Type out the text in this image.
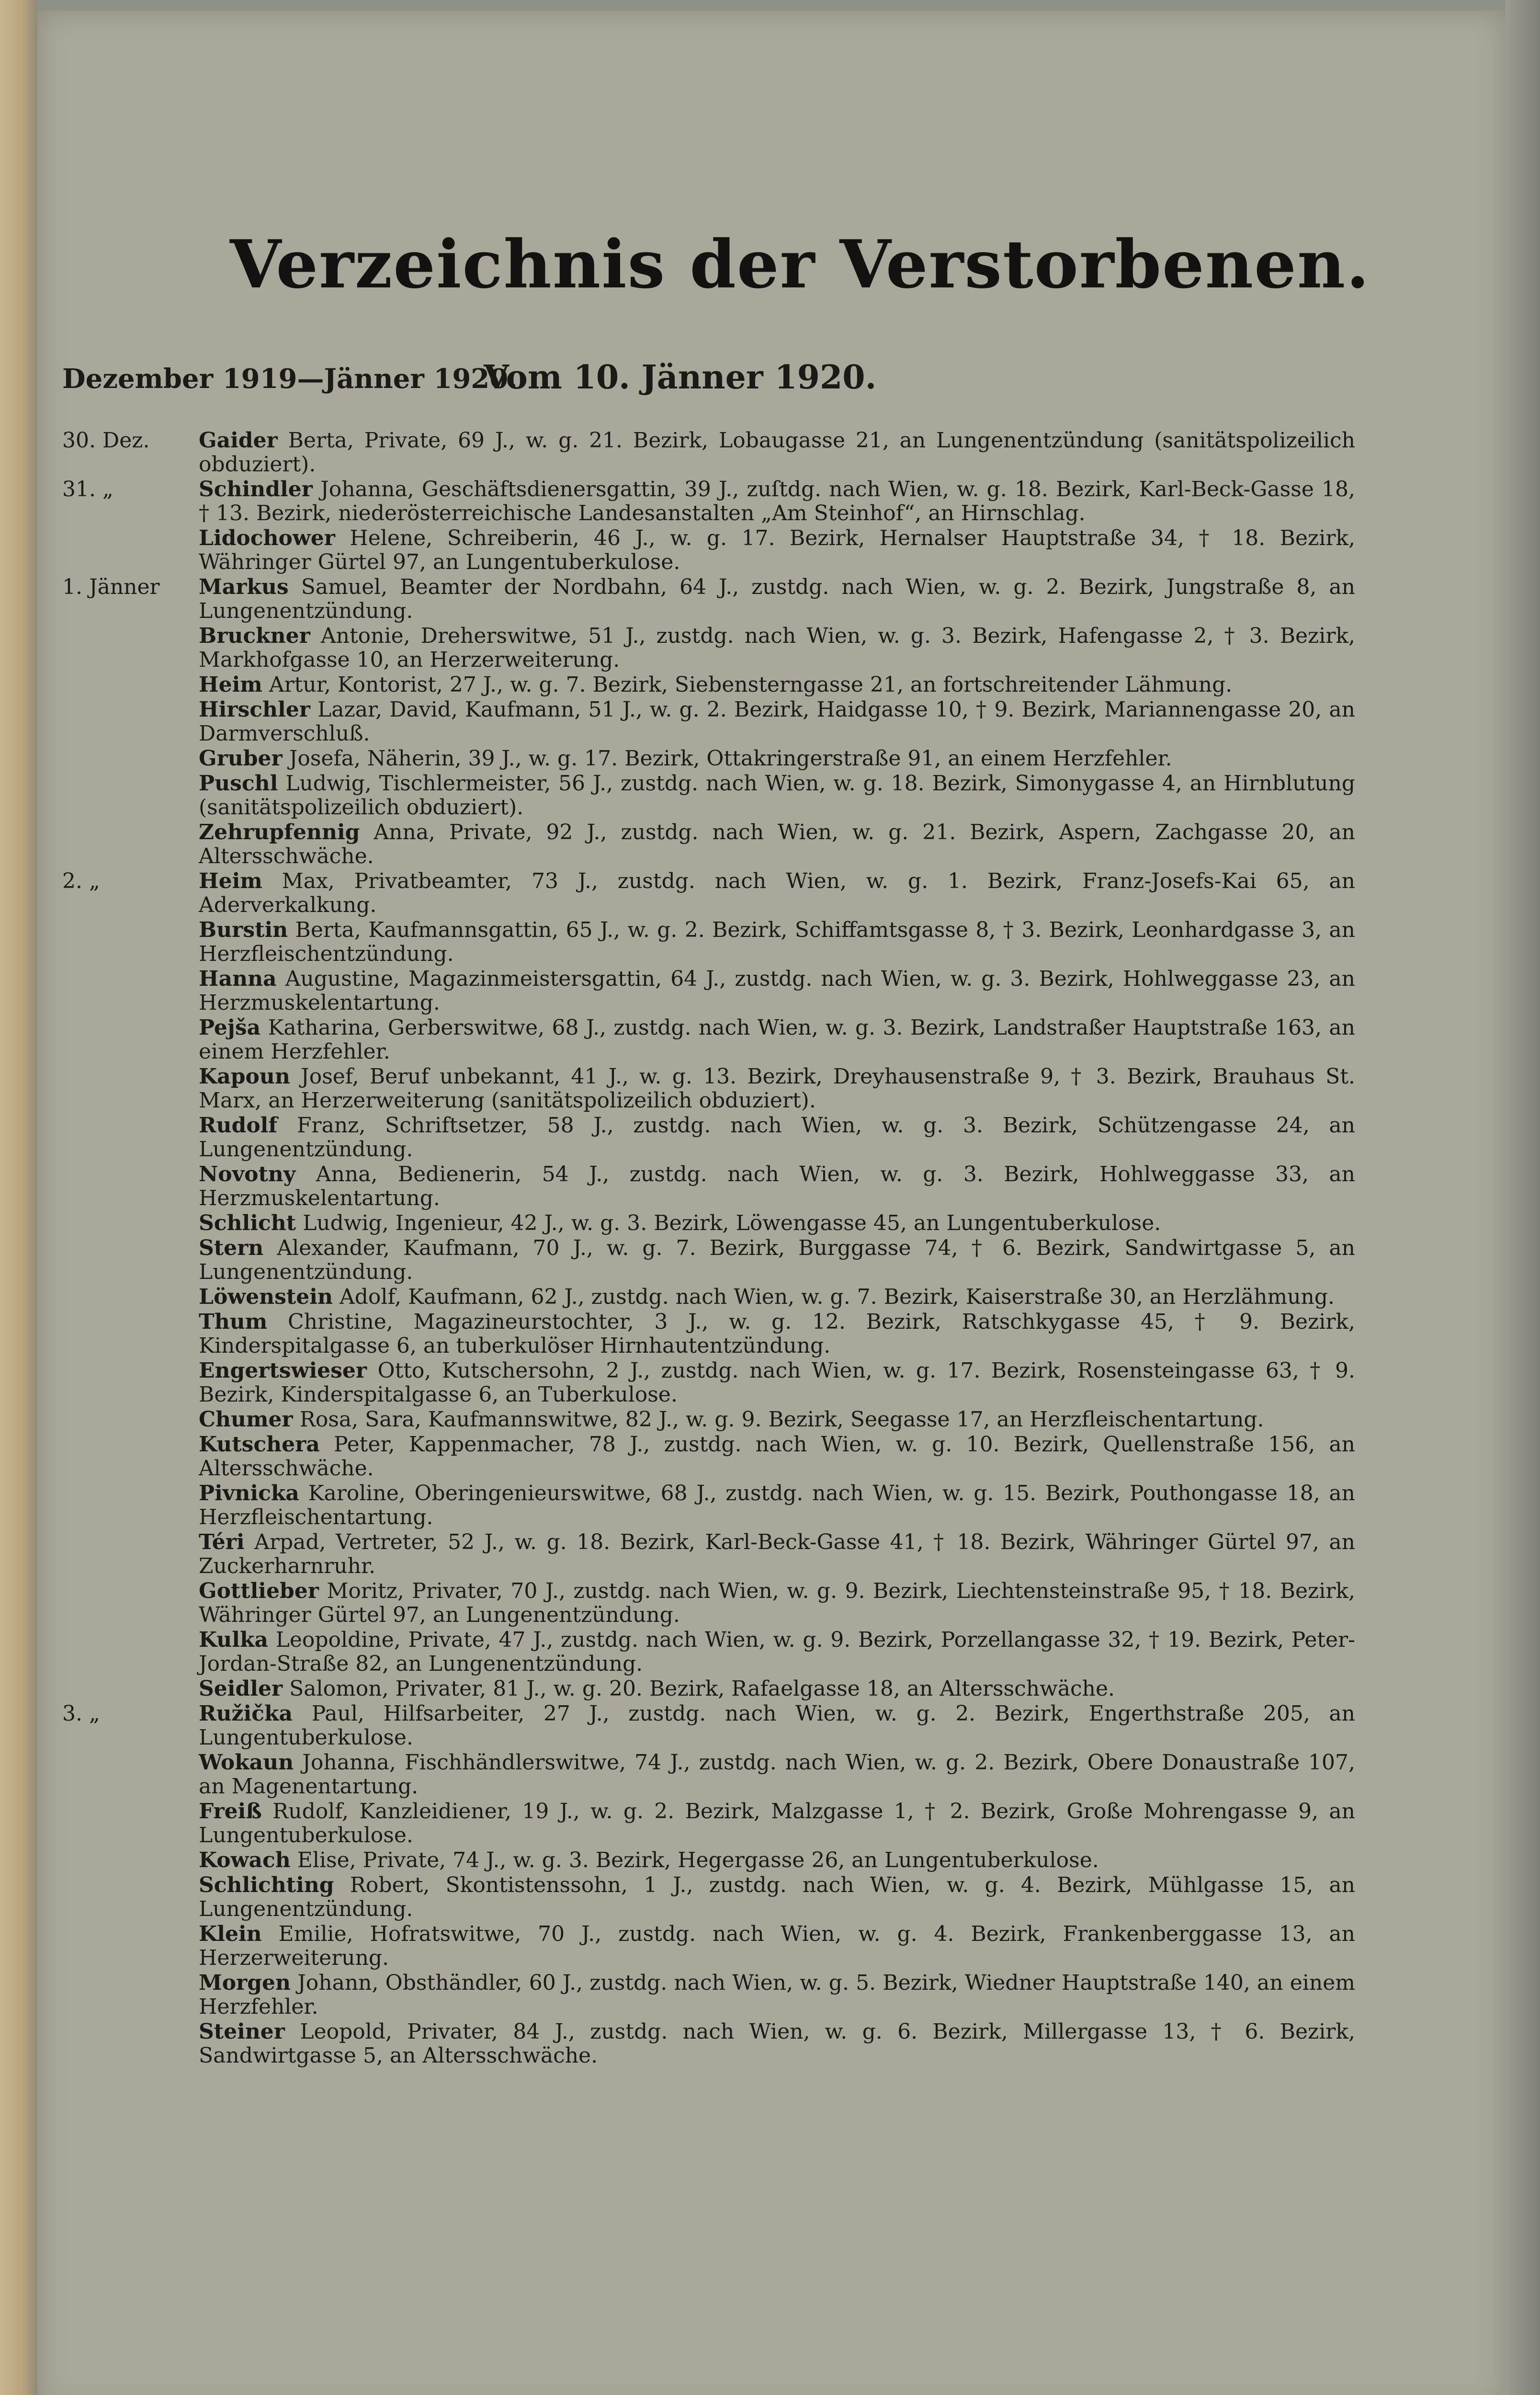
Verzeichnis der Verstorbenen.
Dezember 1919—Jänner 1920.
Vom 10. Jänner 1920.
30. Dez.	Gaider Berta, Private, 69 J., w. g. 21. Bezirk, Lobaugasse 21, an Lungenentzündung (sanitätspolizeilich obduziert).
31. „	Schindler Johanna, Geschäftsdienersgattin, 39 J., zuſtdg. nach Wien, w. g. 18. Bezirk, Karl-Beck-Gasse 18, † 13. Bezirk, niederösterreichische Landesanstalten „Am Steinhof“, an Hirnschlag.
Lidochower Helene, Schreiberin, 46 J., w. g. 17. Bezirk, Hernalser Hauptstraße 34, † 18. Bezirk, Währinger Gürtel 97, an Lungentuberkulose.
1. Jänner	Markus Samuel, Beamter der Nordbahn, 64 J., zustdg. nach Wien, w. g. 2. Bezirk, Jungstraße 8, an Lungenentzündung.
Bruckner Antonie, Dreherswitwe, 51 J., zustdg. nach Wien, w. g. 3. Bezirk, Hafengasse 2, † 3. Bezirk, Markhofgasse 10, an Herzerweiterung.
Heim Artur, Kontorist, 27 J., w. g. 7. Bezirk, Siebensterngasse 21, an fortschreitender Lähmung.
Hirschler Lazar, David, Kaufmann, 51 J., w. g. 2. Bezirk, Haidgasse 10, † 9. Bezirk, Mariannengasse 20, an Darmverschluß.
Gruber Josefa, Näherin, 39 J., w. g. 17. Bezirk, Ottakringerstraße 91, an einem Herzfehler.
Puschl Ludwig, Tischlermeister, 56 J., zustdg. nach Wien, w. g. 18. Bezirk, Simonygasse 4, an Hirnblutung (sanitätspolizeilich obduziert).
Zehrupfennig Anna, Private, 92 J., zustdg. nach Wien, w. g. 21. Bezirk, Aspern, Zachgasse 20, an Altersschwäche.
2. „	Heim Max, Privatbeamter, 73 J., zustdg. nach Wien, w. g. 1. Bezirk, Franz-Josefs-Kai 65, an Aderverkalkung.
Burstin Berta, Kaufmannsgattin, 65 J., w. g. 2. Bezirk, Schiffamtsgasse 8, † 3. Bezirk, Leonhardgasse 3, an Herzfleischentzündung.
Hanna Augustine, Magazinmeistersgattin, 64 J., zustdg. nach Wien, w. g. 3. Bezirk, Hohlweggasse 23, an Herzmuskelentartung.
Pejša Katharina, Gerberswitwe, 68 J., zustdg. nach Wien, w. g. 3. Bezirk, Landstraßer Hauptstraße 163, an einem Herzfehler.
Kapoun Josef, Beruf unbekannt, 41 J., w. g. 13. Bezirk, Dreyhausenstraße 9, † 3. Bezirk, Brauhaus St. Marx, an Herzerweiterung (sanitätspolizeilich obduziert).
Rudolf Franz, Schriftsetzer, 58 J., zustdg. nach Wien, w. g. 3. Bezirk, Schützengasse 24, an Lungenentzündung.
Novotny Anna, Bedienerin, 54 J., zustdg. nach Wien, w. g. 3. Bezirk, Hohlweggasse 33, an Herzmuskelentartung.
Schlicht Ludwig, Ingenieur, 42 J., w. g. 3. Bezirk, Löwengasse 45, an Lungentuberkulose.
Stern Alexander, Kaufmann, 70 J., w. g. 7. Bezirk, Burggasse 74, † 6. Bezirk, Sandwirtgasse 5, an Lungenentzündung.
Löwenstein Adolf, Kaufmann, 62 J., zustdg. nach Wien, w. g. 7. Bezirk, Kaiserstraße 30, an Herzlähmung.
Thum Christine, Magazineurstochter, 3 J., w. g. 12. Bezirk, Ratschkygasse 45, † 9. Bezirk, Kinderspitalgasse 6, an tuberkulöser Hirnhautentzündung.
Engertswieser Otto, Kutschersohn, 2 J., zustdg. nach Wien, w. g. 17. Bezirk, Rosensteingasse 63, † 9. Bezirk, Kinderspitalgasse 6, an Tuberkulose.
Chumer Rosa, Sara, Kaufmannswitwe, 82 J., w. g. 9. Bezirk, Seegasse 17, an Herzfleischentartung.
Kutschera Peter, Kappenmacher, 78 J., zustdg. nach Wien, w. g. 10. Bezirk, Quellenstraße 156, an Altersschwäche.
Pivnicka Karoline, Oberingenieurswitwe, 68 J., zustdg. nach Wien, w. g. 15. Bezirk, Pouthongasse 18, an Herzfleischentartung.
Téri Arpad, Vertreter, 52 J., w. g. 18. Bezirk, Karl-Beck-Gasse 41, † 18. Bezirk, Währinger Gürtel 97, an Zuckerharnruhr.
Gottlieber Moritz, Privater, 70 J., zustdg. nach Wien, w. g. 9. Bezirk, Liechtensteinstraße 95, † 18. Bezirk, Währinger Gürtel 97, an Lungenentzündung.
Kulka Leopoldine, Private, 47 J., zustdg. nach Wien, w. g. 9. Bezirk, Porzellangasse 32, † 19. Bezirk, Peter-Jordan-Straße 82, an Lungenentzündung.
Seidler Salomon, Privater, 81 J., w. g. 20. Bezirk, Rafaelgasse 18, an Altersschwäche.
3. „	Ružička Paul, Hilfsarbeiter, 27 J., zustdg. nach Wien, w. g. 2. Bezirk, Engerthstraße 205, an Lungentuberkulose.
Wokaun Johanna, Fischhändlerswitwe, 74 J., zustdg. nach Wien, w. g. 2. Bezirk, Obere Donaustraße 107, an Magenentartung.
Freiß Rudolf, Kanzleidiener, 19 J., w. g. 2. Bezirk, Malzgasse 1, † 2. Bezirk, Große Mohrengasse 9, an Lungentuberkulose.
Kowach Elise, Private, 74 J., w. g. 3. Bezirk, Hegergasse 26, an Lungentuberkulose.
Schlichting Robert, Skontistenssohn, 1 J., zustdg. nach Wien, w. g. 4. Bezirk, Mühlgasse 15, an Lungenentzündung.
Klein Emilie, Hofratswitwe, 70 J., zustdg. nach Wien, w. g. 4. Bezirk, Frankenberggasse 13, an Herzerweiterung.
Morgen Johann, Obsthändler, 60 J., zustdg. nach Wien, w. g. 5. Bezirk, Wiedner Hauptstraße 140, an einem Herzfehler.
Steiner Leopold, Privater, 84 J., zustdg. nach Wien, w. g. 6. Bezirk, Millergasse 13, † 6. Bezirk, Sandwirtgasse 5, an Altersschwäche.
